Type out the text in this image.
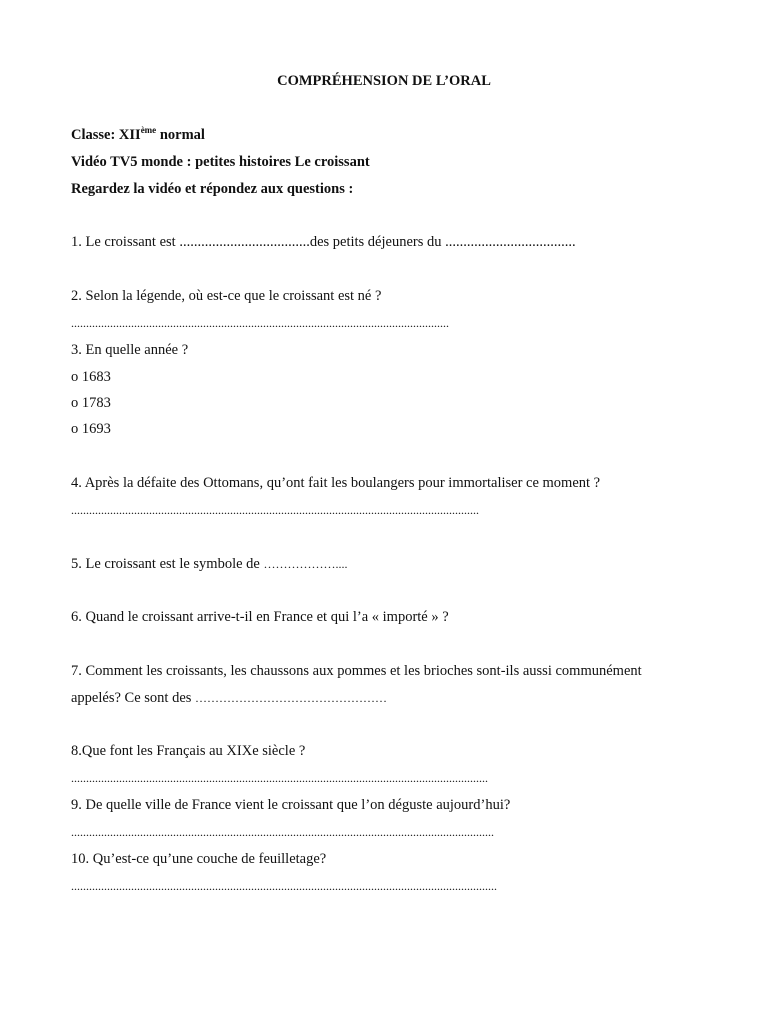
COMPRÉHENSION DE L’ORAL
Classe: XIIème normal
Vidéo TV5 monde : petites histoires Le croissant
Regardez la vidéo et répondez aux questions :
1. Le croissant est ....................................des petits déjeuners du ....................................
2. Selon la légende, où est-ce que le croissant est né ?
..............................................................................................................................
3. En quelle année ?
o 1683
o 1783
o 1693
4. Après la défaite des Ottomans, qu’ont fait les boulangers pour immortaliser ce moment ?
........................................................................................................................................
5. Le croissant est le symbole de ………………....
6. Quand le croissant arrive-t-il en France et qui l’a « importé » ?
7. Comment les croissants, les chaussons aux pommes et les brioches sont-ils aussi communément
appelés? Ce sont des …………………………………………
8.Que font les Français au XIXe siècle ?
...........................................................................................................................................
9. De quelle ville de France vient le croissant que l’on déguste aujourd’hui?
.............................................................................................................................................
10. Qu’est-ce qu’une couche de feuilletage?
..............................................................................................................................................
